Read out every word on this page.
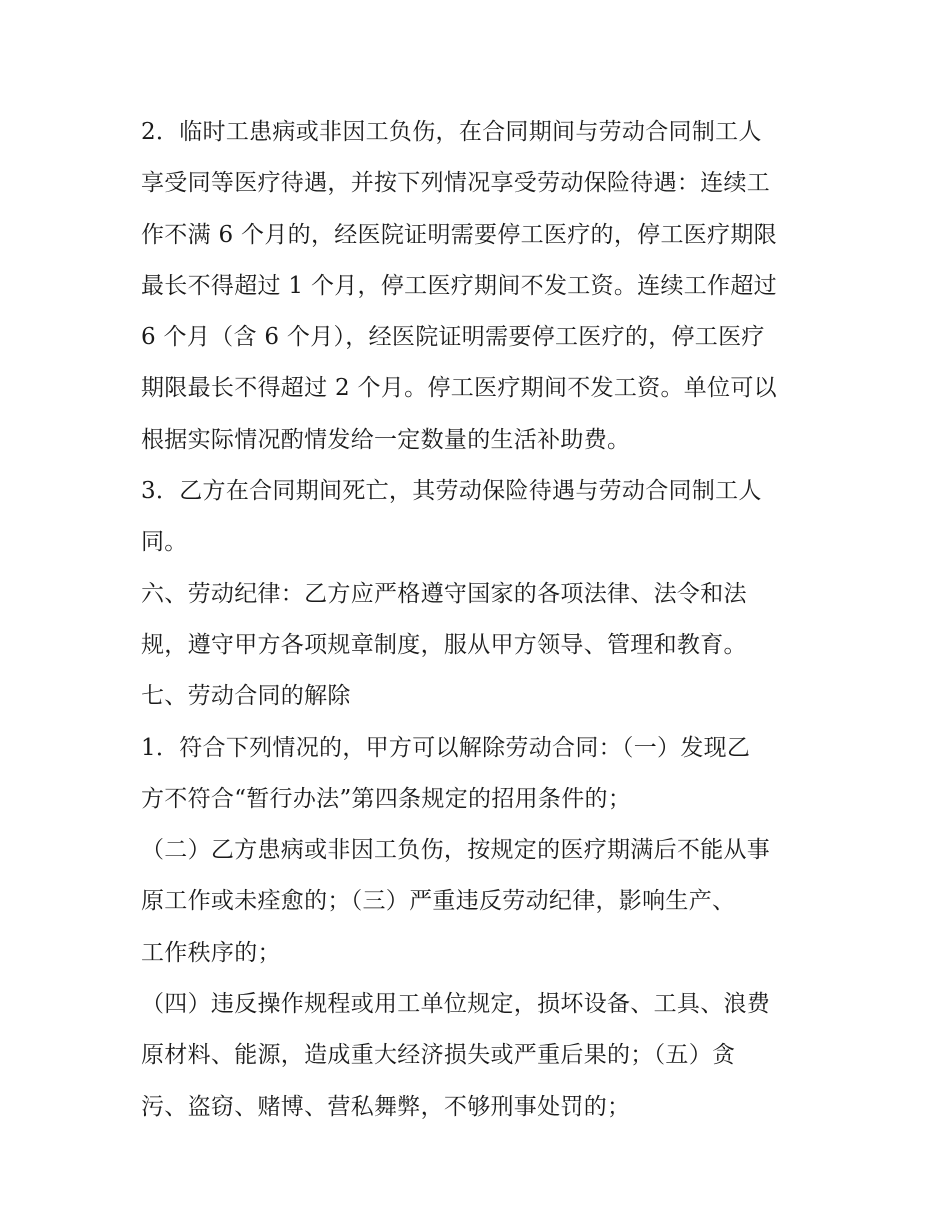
2．临时工患病或非因工负伤，在合同期间与劳动合同制工人
享受同等医疗待遇，并按下列情况享受劳动保险待遇：连续工
作不满 6 个月的，经医院证明需要停工医疗的，停工医疗期限
最长不得超过 1 个月，停工医疗期间不发工资。连续工作超过
6 个月（含 6 个月），经医院证明需要停工医疗的，停工医疗
期限最长不得超过 2 个月。停工医疗期间不发工资。单位可以
根据实际情况酌情发给一定数量的生活补助费。
3．乙方在合同期间死亡，其劳动保险待遇与劳动合同制工人
同。
六、劳动纪律：乙方应严格遵守国家的各项法律、法令和法
规，遵守甲方各项规章制度，服从甲方领导、管理和教育。
七、劳动合同的解除
1．符合下列情况的，甲方可以解除劳动合同：（一）发现乙
方不符合“暂行办法”第四条规定的招用条件的；
（二）乙方患病或非因工负伤，按规定的医疗期满后不能从事
原工作或未痊愈的；（三）严重违反劳动纪律，影响生产、
工作秩序的；
（四）违反操作规程或用工单位规定，损坏设备、工具、浪费
原材料、能源，造成重大经济损失或严重后果的；（五）贪
污、盗窃、赌博、营私舞弊，不够刑事处罚的；
